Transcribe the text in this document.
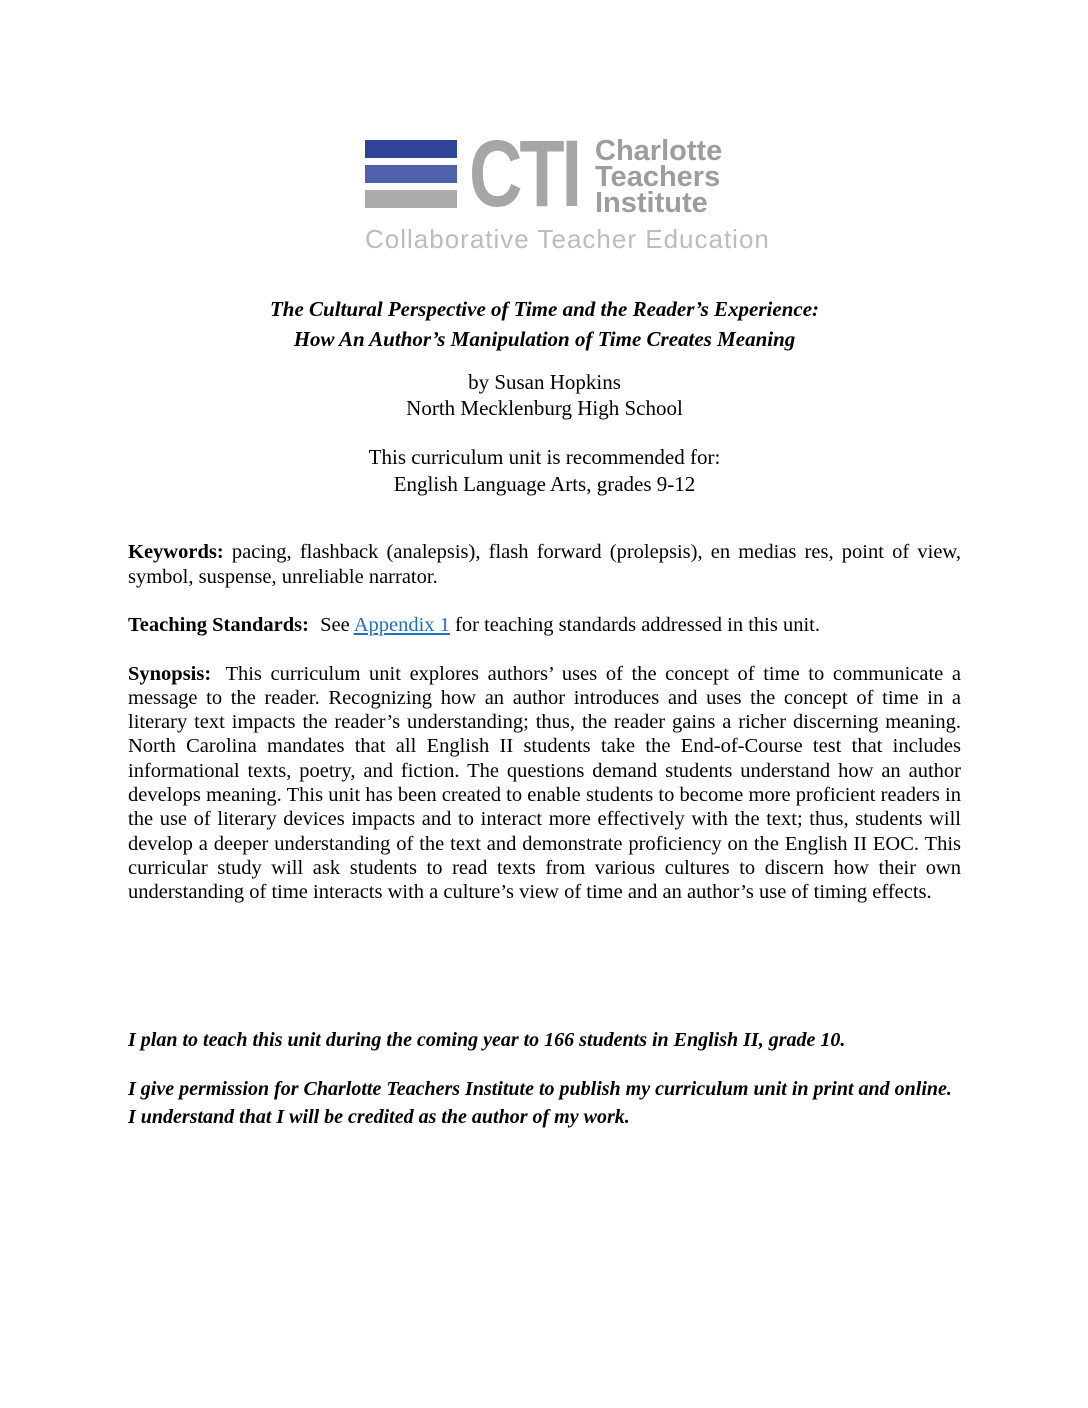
CTI Charlotte
Teachers
Institute
Collaborative Teacher Education
The Cultural Perspective of Time and the Reader’s Experience:
How An Author’s Manipulation of Time Creates Meaning
by Susan Hopkins
North Mecklenburg High School
This curriculum unit is recommended for:
English Language Arts, grades 9-12

Keywords: pacing, flashback (analepsis), flash forward (prolepsis), en medias res, point of view, symbol, suspense, unreliable narrator.

Teaching Standards: See Appendix 1 for teaching standards addressed in this unit.

Synopsis: This curriculum unit explores authors’ uses of the concept of time to communicate a message to the reader. Recognizing how an author introduces and uses the concept of time in a literary text impacts the reader’s understanding; thus, the reader gains a richer discerning meaning. North Carolina mandates that all English II students take the End-of-Course test that includes informational texts, poetry, and fiction. The questions demand students understand how an author develops meaning. This unit has been created to enable students to become more proficient readers in the use of literary devices impacts and to interact more effectively with the text; thus, students will develop a deeper understanding of the text and demonstrate proficiency on the English II EOC. This curricular study will ask students to read texts from various cultures to discern how their own understanding of time interacts with a culture’s view of time and an author’s use of timing effects.

I plan to teach this unit during the coming year to 166 students in English II, grade 10.

I give permission for Charlotte Teachers Institute to publish my curriculum unit in print and online. I understand that I will be credited as the author of my work.
